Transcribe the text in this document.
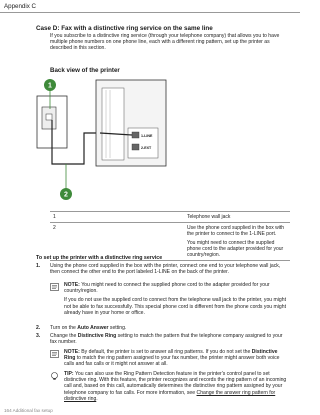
Appendix C
Case D: Fax with a distinctive ring service on the same line
If you subscribe to a distinctive ring service (through your telephone company) that allows you to have multiple phone numbers on one phone line, each with a different ring pattern, set up the printer as described in this section.
Back view of the printer
1
2
1-LINE
2-EXT
1	Telephone wall jack
2	Use the phone cord supplied in the box with the printer to connect to the 1-LINE port.

You might need to connect the supplied phone cord to the adapter provided for your country/region.

To set up the printer with a distinctive ring service
1. Using the phone cord supplied in the box with the printer, connect one end to your telephone wall jack, then connect the other end to the port labeled 1-LINE on the back of the printer.
NOTE: You might need to connect the supplied phone cord to the adapter provided for your country/region.
If you do not use the supplied cord to connect from the telephone wall jack to the printer, you might not be able to fax successfully. This special phone cord is different from the phone cords you might already have in your home or office.
2. Turn on the Auto Answer setting.
3. Change the Distinctive Ring setting to match the pattern that the telephone company assigned to your fax number.
NOTE: By default, the printer is set to answer all ring patterns. If you do not set the Distinctive Ring to match the ring pattern assigned to your fax number, the printer might answer both voice calls and fax calls or it might not answer at all.
TIP: You can also use the Ring Pattern Detection feature in the printer's control panel to set distinctive ring. With this feature, the printer recognizes and records the ring pattern of an incoming call and, based on this call, automatically determines the distinctive ring pattern assigned by your telephone company to fax calls. For more information, see Change the answer ring pattern for distinctive ring.
164 Additional fax setup
